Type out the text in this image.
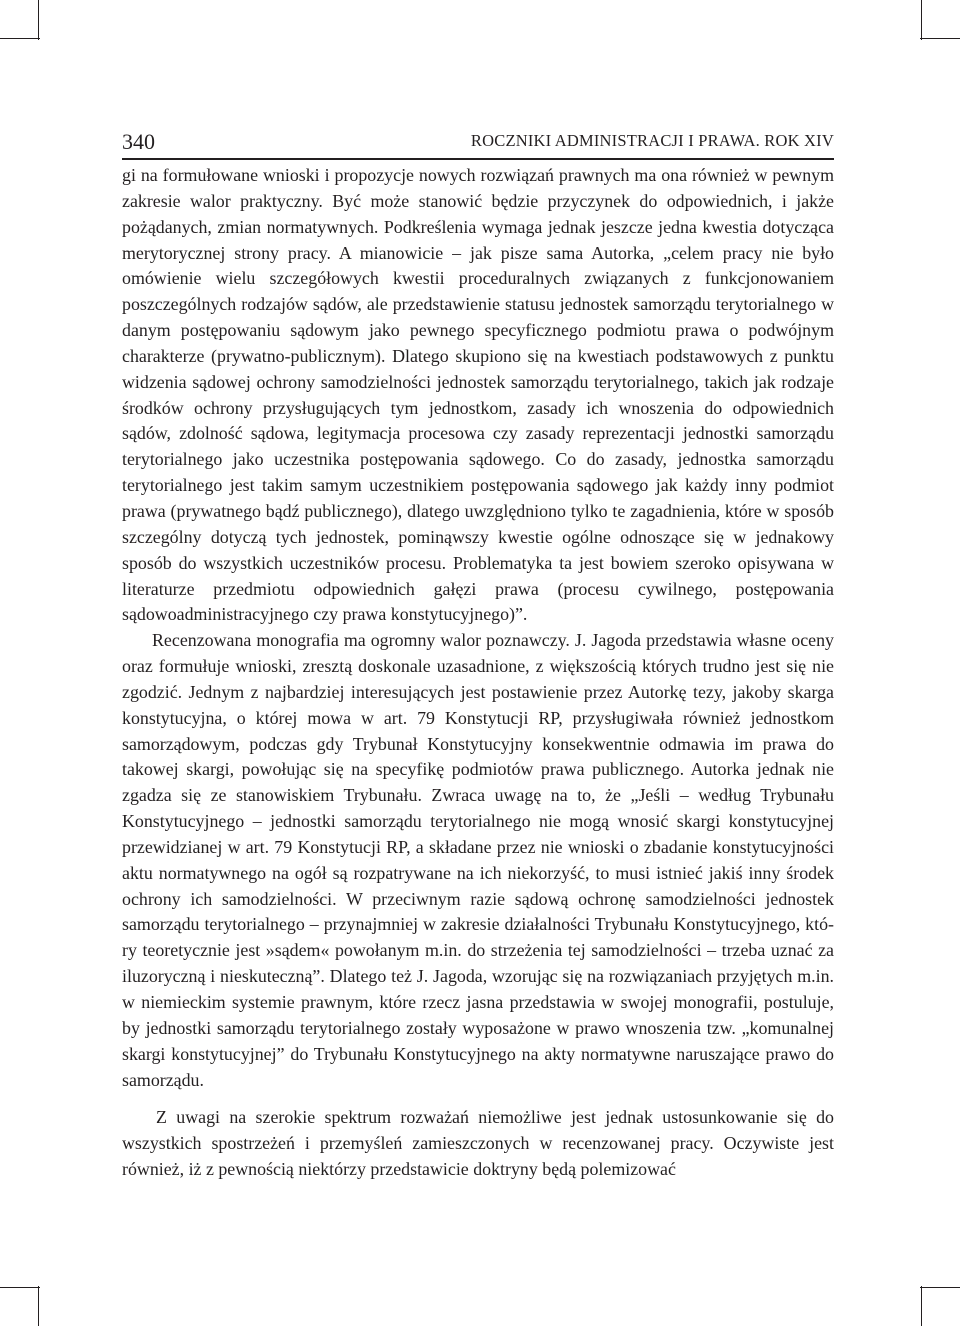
340	ROCZNIKI ADMINISTRACJI I PRAWA. ROK XIV

gi na formułowane wnioski i propozycje nowych rozwiązań prawnych ma ona również w pewnym zakresie walor praktyczny. Być może stanowić będzie przyczynek do odpowiednich, i jakże pożądanych, zmian normatywnych. Podkreślenia wymaga jednak jeszcze jedna kwestia dotycząca merytorycznej strony pracy. A mianowicie – jak pisze sama Autorka, „celem pracy nie było omówienie wielu szczegółowych kwestii proceduralnych związanych z funkcjonowaniem poszczególnych rodzajów sądów, ale przedstawienie statusu jednostek samorządu terytorialnego w danym postępowaniu sądowym jako pewnego specyficznego podmiotu prawa o podwójnym charakterze (prywatno-publicznym). Dlatego skupiono się na kwestiach podstawowych z punktu widzenia sądowej ochrony samodzielności jednostek samorządu terytorialnego, takich jak rodzaje środków ochrony przysługujących tym jednostkom, zasady ich wnoszenia do odpowiednich sądów, zdolność sądowa, legitymacja procesowa czy zasady reprezentacji jednostki samorządu terytorialnego jako uczestnika postępowania sądowego. Co do zasady, jednostka samorządu terytorialnego jest takim samym uczestnikiem postępowania sądowego jak każdy inny podmiot prawa (prywatnego bądź publicznego), dlatego uwzględniono tylko te zagadnienia, które w sposób szczególny dotyczą tych jednostek, pominąwszy kwestie ogólne odnoszące się w jednakowy sposób do wszystkich uczestników procesu. Problematyka ta jest bowiem szeroko opisywana w literaturze przedmiotu odpowiednich gałęzi prawa (procesu cywilnego, postępowania sądowoadministracyjnego czy prawa konstytucyjnego)”.

Recenzowana monografia ma ogromny walor poznawczy. J. Jagoda przedstawia własne oceny oraz formułuje wnioski, zresztą doskonale uzasadnione, z większością których trudno jest się nie zgodzić. Jednym z najbardziej interesujących jest postawienie przez Autorkę tezy, jakoby skarga konstytucyjna, o której mowa w art. 79 Konstytucji RP, przysługiwała również jednostkom samorządowym, podczas gdy Trybunał Konstytucyjny konsekwentnie odmawia im prawa do takowej skargi, powołując się na specyfikę podmiotów prawa publicznego. Autorka jednak nie zgadza się ze stanowiskiem Trybunału. Zwraca uwagę na to, że „Jeśli – według Trybunału Konstytucyjnego – jednostki samorządu terytorialnego nie mogą wnosić skargi konstytucyjnej przewidzianej w art. 79 Konstytucji RP, a składane przez nie wnioski o zbadanie konstytucyjności aktu normatywnego na ogół są rozpatrywane na ich niekorzyść, to musi istnieć jakiś inny środek ochrony ich samodzielności. W przeciwnym razie sądową ochronę samodzielności jednostek samorządu terytorialnego – przynajmniej w zakresie działalności Trybunału Konstytucyjnego, który teoretycznie jest »sądem« powołanym m.in. do strzeżenia tej samodzielności – trzeba uznać za iluzoryczną i nieskuteczną”. Dlatego też J. Jagoda, wzorując się na rozwiązaniach przyjętych m.in. w niemieckim systemie prawnym, które rzecz jasna przedstawia w swojej monografii, postuluje, by jednostki samorządu terytorialnego zostały wyposażone w prawo wnoszenia tzw. „komunalnej skargi konstytucyjnej” do Trybunału Konstytucyjnego na akty normatywne naruszające prawo do samorządu.

Z uwagi na szerokie spektrum rozważań niemożliwe jest jednak ustosunkowanie się do wszystkich spostrzeżeń i przemyśleń zamieszczonych w recenzowanej pracy. Oczywiste jest również, iż z pewnością niektórzy przedstawicie doktryny będą polemizować
